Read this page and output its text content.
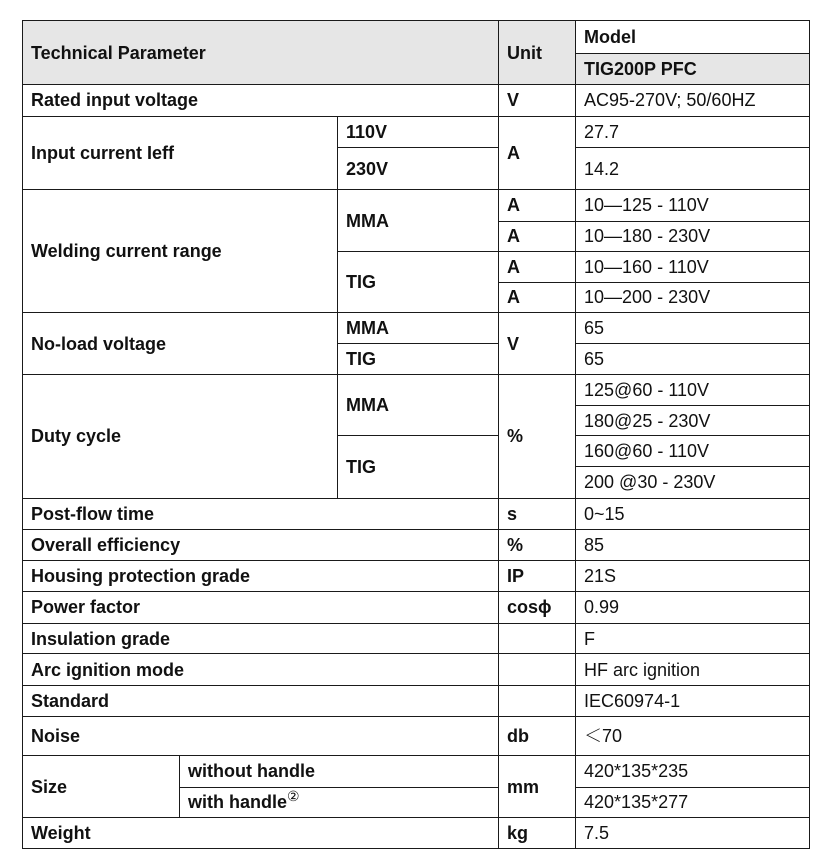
Technical Parameter			Unit	Model
				TIG200P PFC
Rated input voltage			V	AC95-270V; 50/60HZ
Input current Ieff		110V	A	27.7
		230V		14.2
Welding current range		MMA	A	10—125 - 110V
			A	10—180 - 230V
		TIG	A	10—160 - 110V
			A	10—200 - 230V
No-load voltage		MMA	V	65
		TIG		65
Duty cycle		MMA	%	125@60 - 110V
				180@25 - 230V
		TIG		160@60 - 110V
				200 @30 - 230V
Post-flow time			s	0~15
Overall efficiency			%	85
Housing protection grade			IP	21S
Power factor			cosϕ	0.99
Insulation grade				F
Arc ignition mode				HF arc ignition
Standard				IEC60974-1
Noise			db	＜70
Size	without handle		mm	420*135*235
	with handle②			420*135*277
Weight			kg	7.5
